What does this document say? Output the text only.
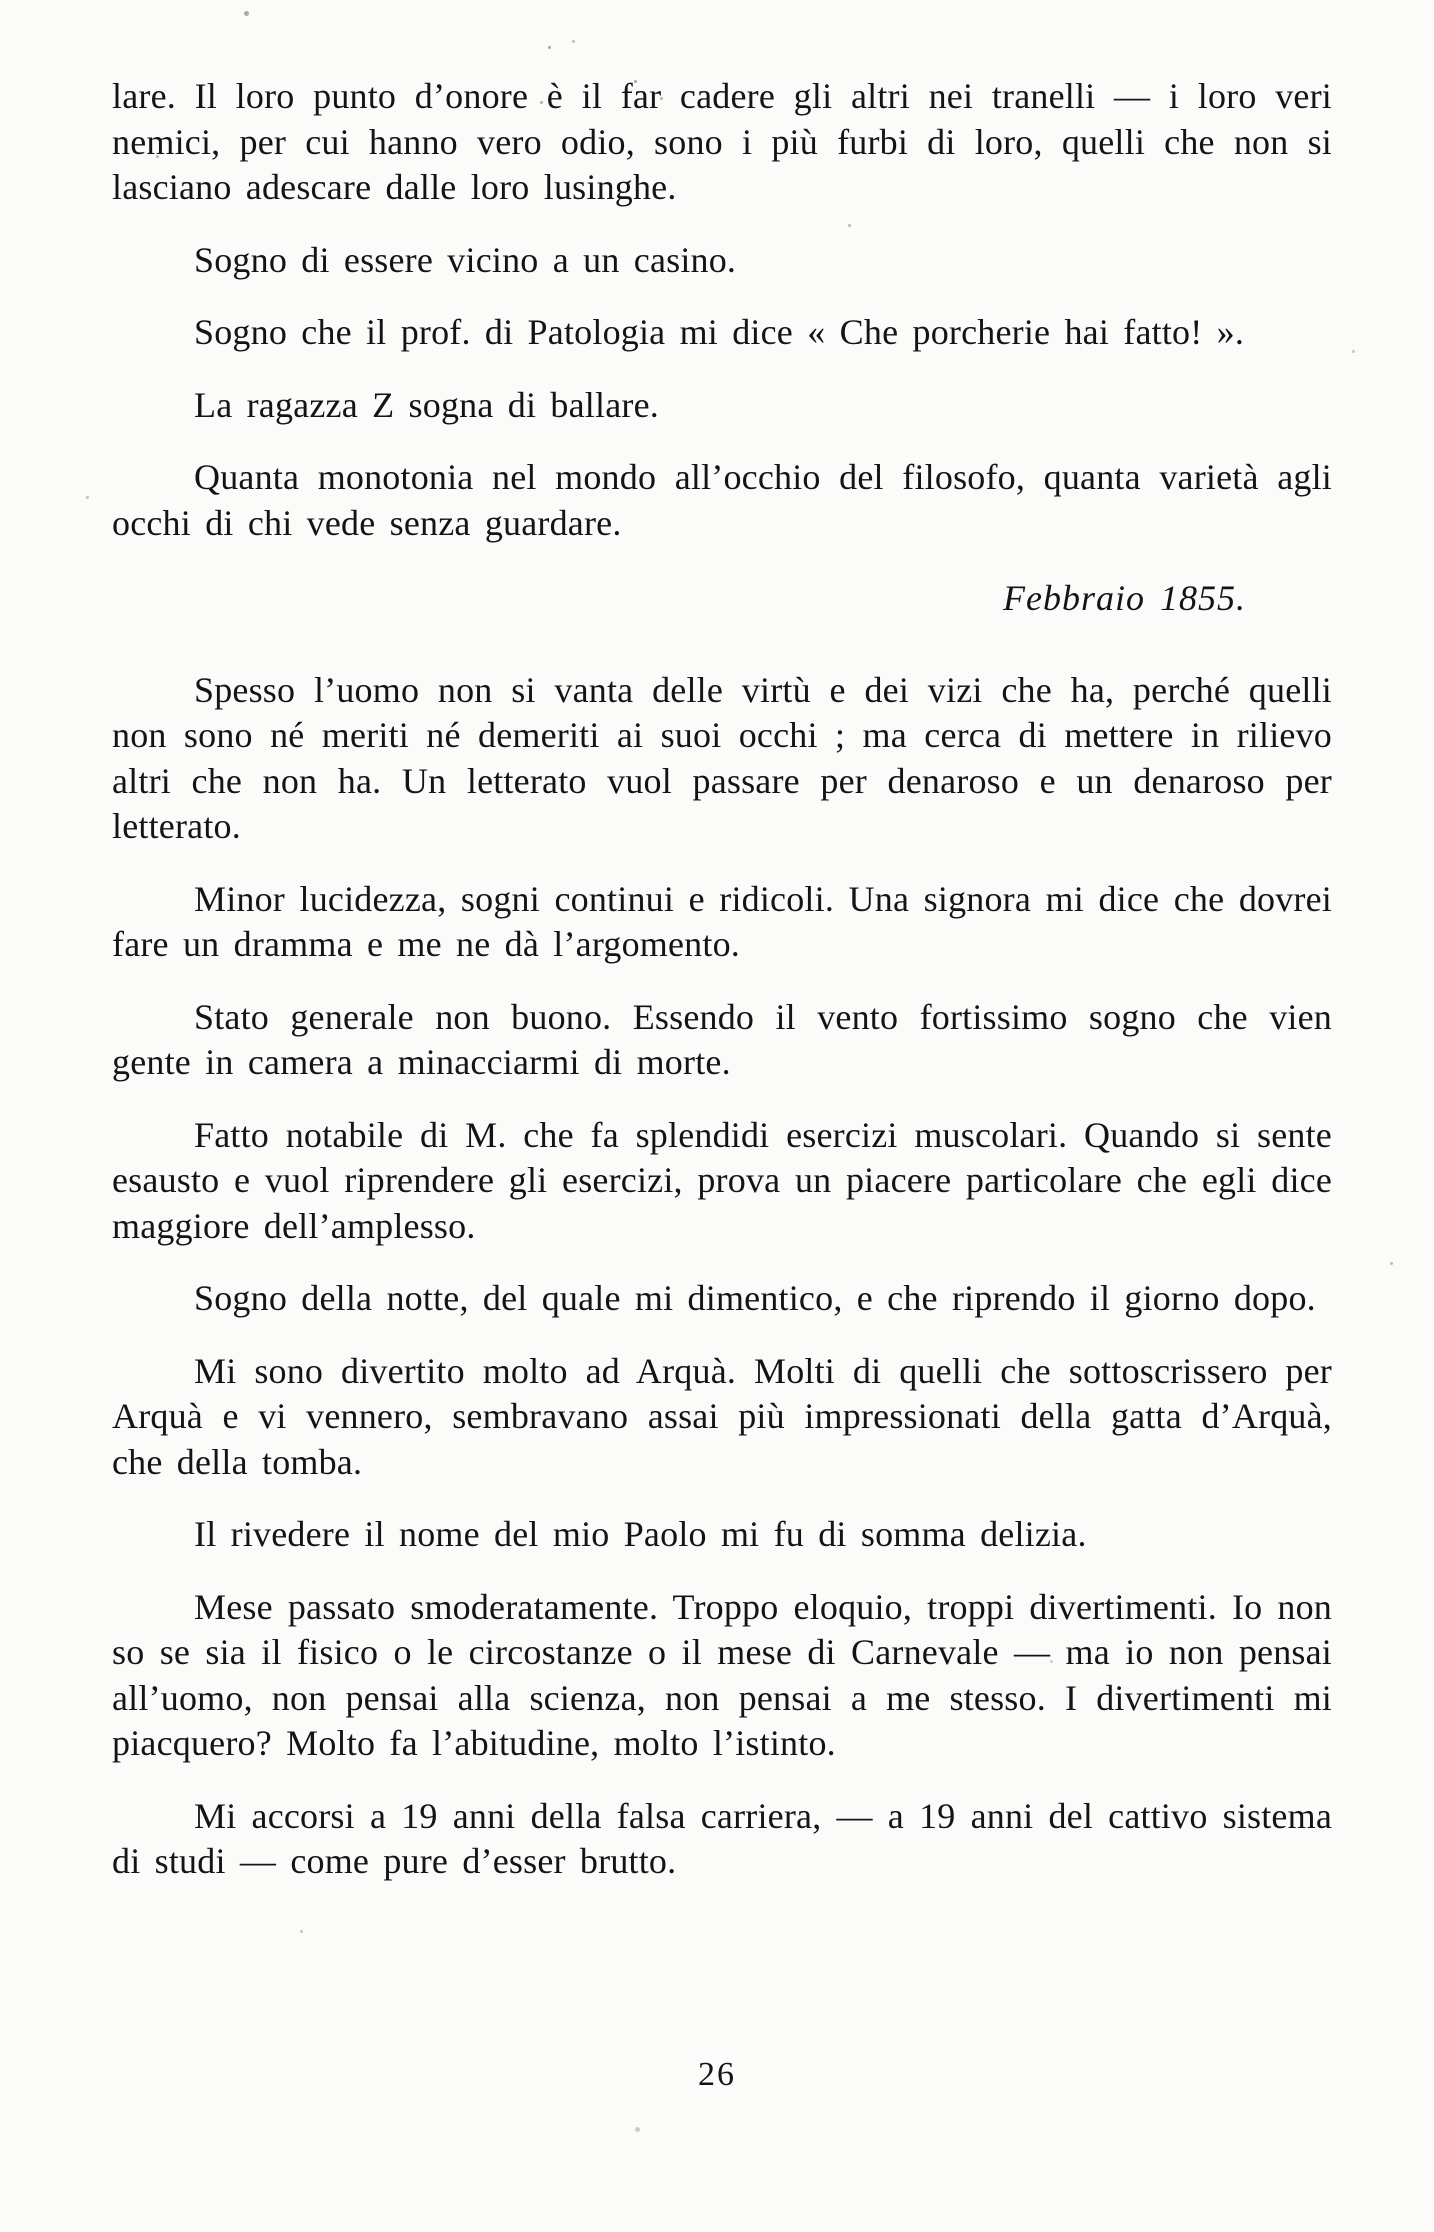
lare. Il loro punto d’onore è il far cadere gli altri nei tranelli — i loro veri nemici, per cui hanno vero odio, sono i più furbi di loro, quelli che non si lasciano adescare dalle loro lusinghe.

Sogno di essere vicino a un casino.

Sogno che il prof. di Patologia mi dice « Che porcherie hai fatto! ».

La ragazza Z sogna di ballare.

Quanta monotonia nel mondo all’occhio del filosofo, quanta varietà agli occhi di chi vede senza guardare.

Febbraio 1855.

Spesso l’uomo non si vanta delle virtù e dei vizi che ha, perché quelli non sono né meriti né demeriti ai suoi occhi ; ma cerca di mettere in rilievo altri che non ha. Un letterato vuol passare per denaroso e un denaroso per letterato.

Minor lucidezza, sogni continui e ridicoli. Una signora mi dice che dovrei fare un dramma e me ne dà l’argomento.

Stato generale non buono. Essendo il vento fortissimo sogno che vien gente in camera a minacciarmi di morte.

Fatto notabile di M. che fa splendidi esercizi muscolari. Quando si sente esausto e vuol riprendere gli esercizi, prova un piacere particolare che egli dice maggiore dell’amplesso.

Sogno della notte, del quale mi dimentico, e che riprendo il giorno dopo.

Mi sono divertito molto ad Arquà. Molti di quelli che sottoscrissero per Arquà e vi vennero, sembravano assai più impressionati della gatta d’Arquà, che della tomba.

Il rivedere il nome del mio Paolo mi fu di somma delizia.

Mese passato smoderatamente. Troppo eloquio, troppi divertimenti. Io non so se sia il fisico o le circostanze o il mese di Carnevale — ma io non pensai all’uomo, non pensai alla scienza, non pensai a me stesso. I divertimenti mi piacquero? Molto fa l’abitudine, molto l’istinto.

Mi accorsi a 19 anni della falsa carriera, — a 19 anni del cattivo sistema di studi — come pure d’esser brutto.

26
